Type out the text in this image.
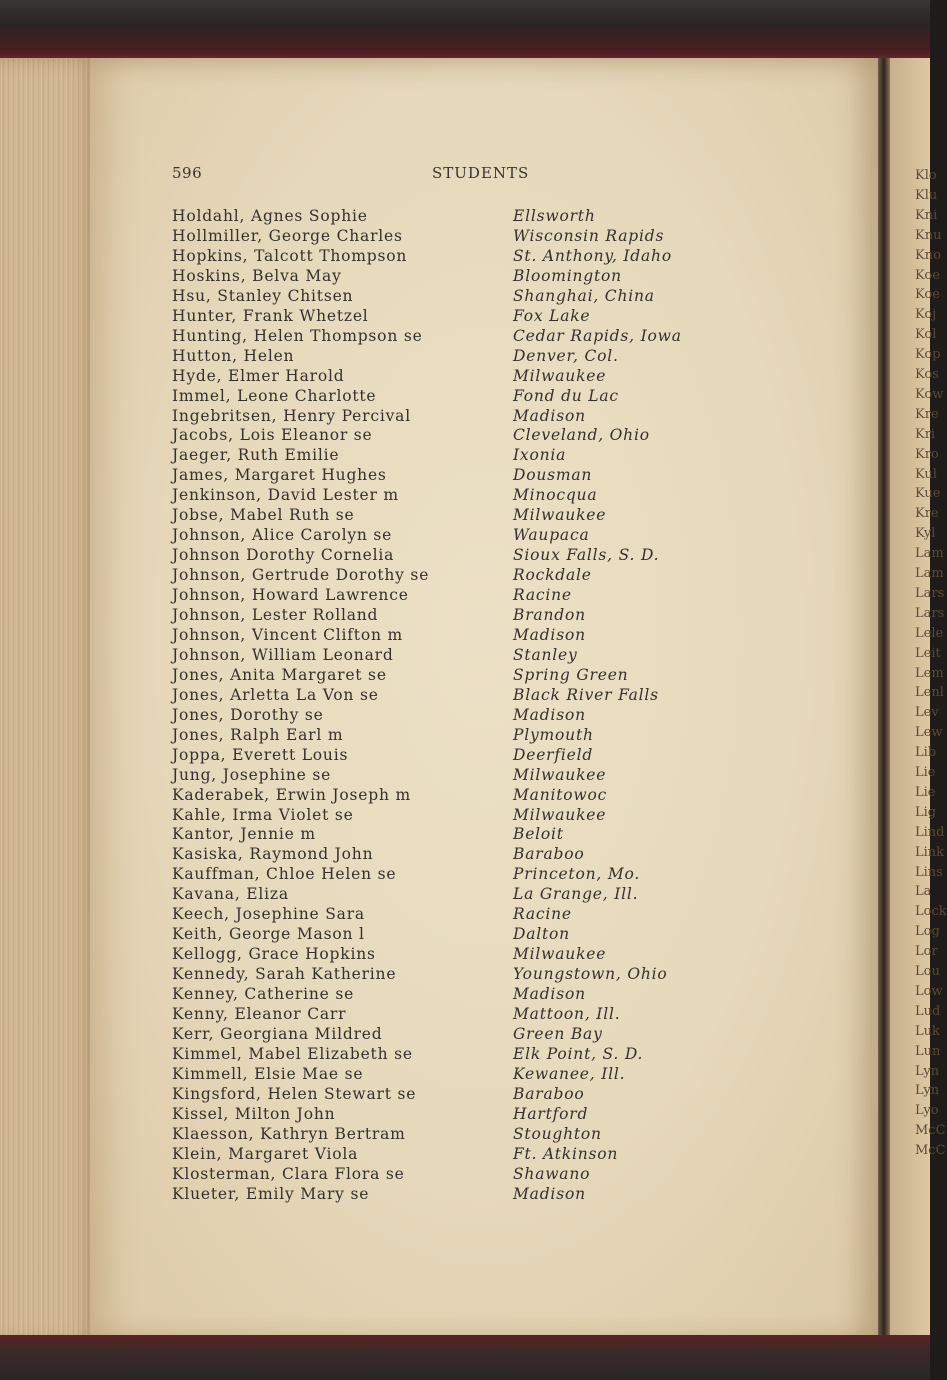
Klo
Klu
Kni
Knu
Kno
Koe
Koe
Koj
Kol
Kop
Kos
Kow
Kre
Kri
Kro
Kul
Kue
Kre
Kyl
Lam
Lam
Lars
Lars
Lele
Leit
Lem
Lenl
Lev
Lew
Lib
Lie
Lie
Lig
Lind
Link
Lins
La
Lock
Log
Lor
Lou
Low
Lud
Luk
Lun
Lyn
Lyn
Lyo
McC
McC
596	STUDENTS
Holdahl, Agnes Sophie	Ellsworth
Hollmiller, George Charles	Wisconsin Rapids
Hopkins, Talcott Thompson	St. Anthony, Idaho
Hoskins, Belva May	Bloomington
Hsu, Stanley Chitsen	Shanghai, China
Hunter, Frank Whetzel	Fox Lake
Hunting, Helen Thompson se	Cedar Rapids, Iowa
Hutton, Helen	Denver, Col.
Hyde, Elmer Harold	Milwaukee
Immel, Leone Charlotte	Fond du Lac
Ingebritsen, Henry Percival	Madison
Jacobs, Lois Eleanor se	Cleveland, Ohio
Jaeger, Ruth Emilie	Ixonia
James, Margaret Hughes	Dousman
Jenkinson, David Lester m	Minocqua
Jobse, Mabel Ruth se	Milwaukee
Johnson, Alice Carolyn se	Waupaca
Johnson Dorothy Cornelia	Sioux Falls, S. D.
Johnson, Gertrude Dorothy se	Rockdale
Johnson, Howard Lawrence	Racine
Johnson, Lester Rolland	Brandon
Johnson, Vincent Clifton m	Madison
Johnson, William Leonard	Stanley
Jones, Anita Margaret se	Spring Green
Jones, Arletta La Von se	Black River Falls
Jones, Dorothy se	Madison
Jones, Ralph Earl m	Plymouth
Joppa, Everett Louis	Deerfield
Jung, Josephine se	Milwaukee
Kaderabek, Erwin Joseph m	Manitowoc
Kahle, Irma Violet se	Milwaukee
Kantor, Jennie m	Beloit
Kasiska, Raymond John	Baraboo
Kauffman, Chloe Helen se	Princeton, Mo.
Kavana, Eliza	La Grange, Ill.
Keech, Josephine Sara	Racine
Keith, George Mason l	Dalton
Kellogg, Grace Hopkins	Milwaukee
Kennedy, Sarah Katherine	Youngstown, Ohio
Kenney, Catherine se	Madison
Kenny, Eleanor Carr	Mattoon, Ill.
Kerr, Georgiana Mildred	Green Bay
Kimmel, Mabel Elizabeth se	Elk Point, S. D.
Kimmell, Elsie Mae se	Kewanee, Ill.
Kingsford, Helen Stewart se	Baraboo
Kissel, Milton John	Hartford
Klaesson, Kathryn Bertram	Stoughton
Klein, Margaret Viola	Ft. Atkinson
Klosterman, Clara Flora se	Shawano
Klueter, Emily Mary se	Madison
